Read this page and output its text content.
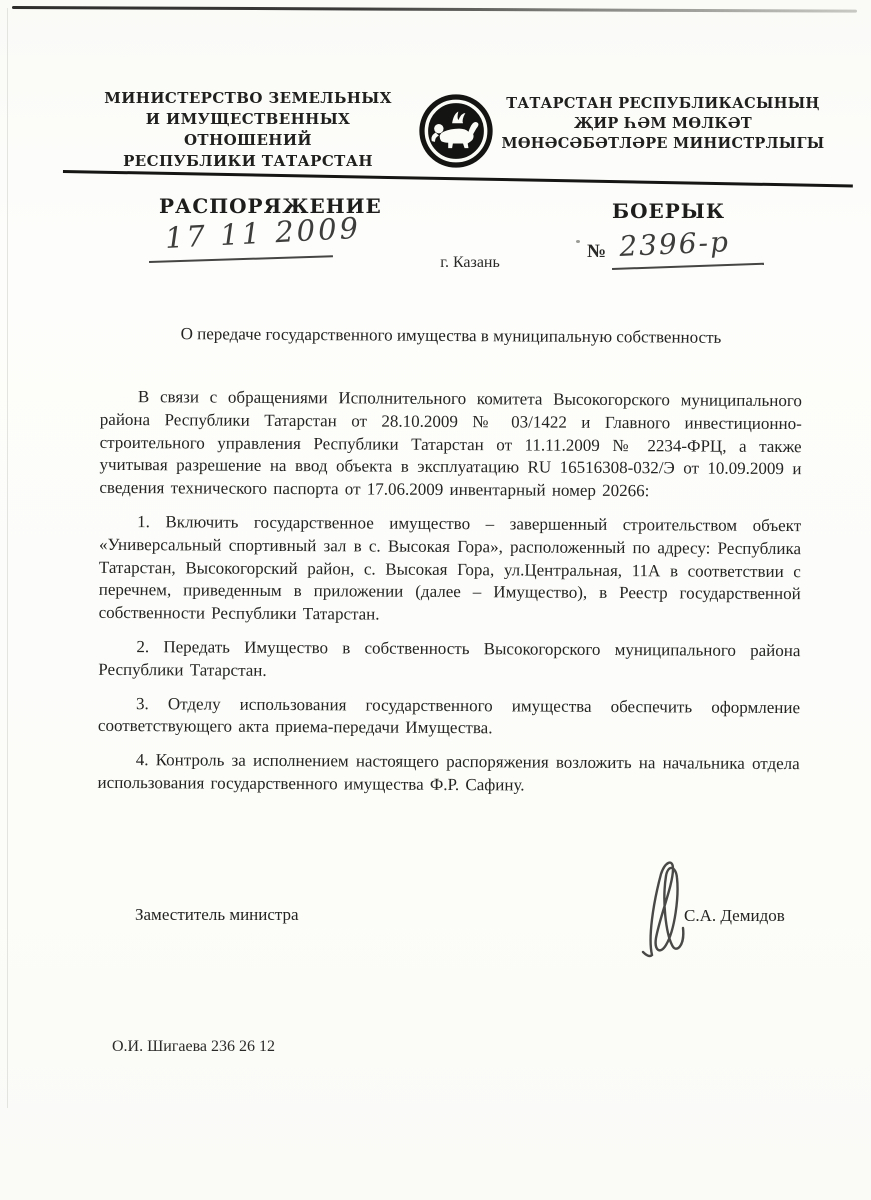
МИНИСТЕРСТВО ЗЕМЕЛЬНЫХ
И ИМУЩЕСТВЕННЫХ ОТНОШЕНИЙ
РЕСПУБЛИКИ ТАТАРСТАН
ТАТАРСТАН РЕСПУБЛИКАСЫНЫҢ
ҖИР ҺӘМ МӨЛКӘТ
МӨНӘСӘБӘТЛӘРЕ МИНИСТРЛЫГЫ
РАСПОРЯЖЕНИЕ	БОЕРЫК
17 11 2009
г. Казань
№ 2396-р
О передаче государственного имущества в муниципальную собственность

В связи с обращениями Исполнительного комитета Высокогорского муниципального района Республики Татарстан от 28.10.2009 № 03/1422 и Главного инвестиционно-строительного управления Республики Татарстан от 11.11.2009 № 2234-ФРЦ, а также учитывая разрешение на ввод объекта в эксплуатацию RU 16516308-032/Э от 10.09.2009 и сведения технического паспорта от 17.06.2009 инвентарный номер 20266:

1. Включить государственное имущество – завершенный строительством объект «Универсальный спортивный зал в с. Высокая Гора», расположенный по адресу: Республика Татарстан, Высокогорский район, с. Высокая Гора, ул.Центральная, 11А в соответствии с перечнем, приведенным в приложении (далее – Имущество), в Реестр государственной собственности Республики Татарстан.

2. Передать Имущество в собственность Высокогорского муниципального района Республики Татарстан.

3. Отделу использования государственного имущества обеспечить оформление соответствующего акта приема-передачи Имущества.

4. Контроль за исполнением настоящего распоряжения возложить на начальника отдела использования государственного имущества Ф.Р. Сафину.

Заместитель министра	С.А. Демидов
О.И. Шигаева 236 26 12
